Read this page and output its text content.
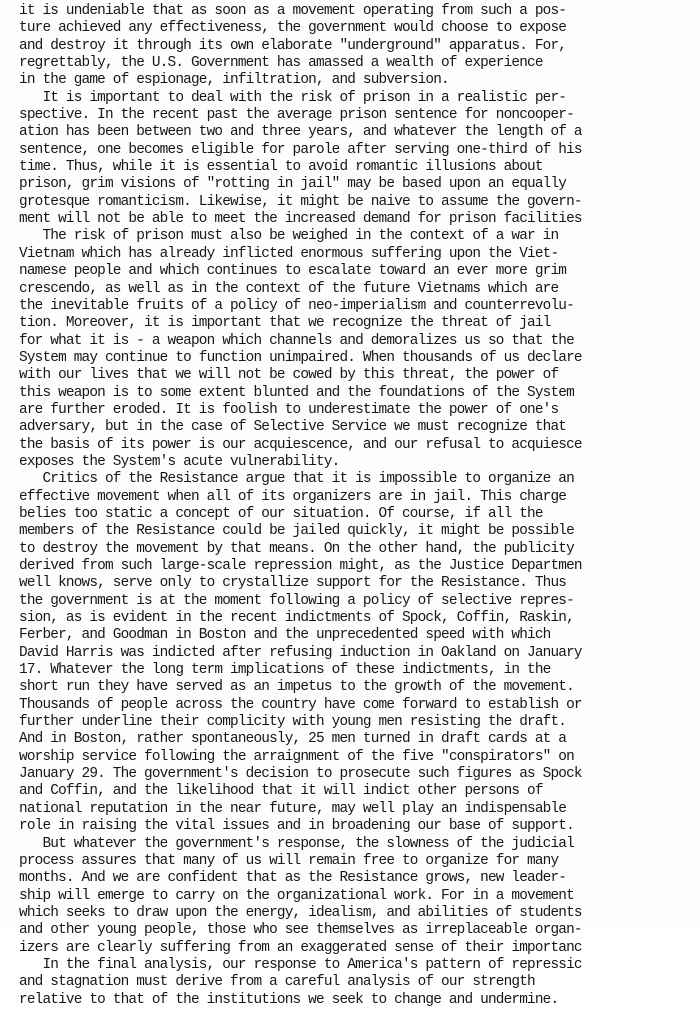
it is undeniable that as soon as a movement operating from such a pos-
ture achieved any effectiveness, the government would choose to expose
and destroy it through its own elaborate "underground" apparatus. For,
regrettably, the U.S. Government has amassed a wealth of experience
in the game of espionage, infiltration, and subversion.
It is important to deal with the risk of prison in a realistic per-
spective. In the recent past the average prison sentence for noncooper-
ation has been between two and three years, and whatever the length of a
sentence, one becomes eligible for parole after serving one-third of his
time. Thus, while it is essential to avoid romantic illusions about
prison, grim visions of "rotting in jail" may be based upon an equally
grotesque romanticism. Likewise, it might be naive to assume the govern-
ment will not be able to meet the increased demand for prison facilities
The risk of prison must also be weighed in the context of a war in
Vietnam which has already inflicted enormous suffering upon the Viet-
namese people and which continues to escalate toward an ever more grim
crescendo, as well as in the context of the future Vietnams which are
the inevitable fruits of a policy of neo-imperialism and counterrevolu-
tion. Moreover, it is important that we recognize the threat of jail
for what it is - a weapon which channels and demoralizes us so that the
System may continue to function unimpaired. When thousands of us declare
with our lives that we will not be cowed by this threat, the power of
this weapon is to some extent blunted and the foundations of the System
are further eroded. It is foolish to underestimate the power of one's
adversary, but in the case of Selective Service we must recognize that
the basis of its power is our acquiescence, and our refusal to acquiesce
exposes the System's acute vulnerability.
Critics of the Resistance argue that it is impossible to organize an
effective movement when all of its organizers are in jail. This charge
belies too static a concept of our situation. Of course, if all the
members of the Resistance could be jailed quickly, it might be possible
to destroy the movement by that means. On the other hand, the publicity
derived from such large-scale repression might, as the Justice Departmen
well knows, serve only to crystallize support for the Resistance. Thus
the government is at the moment following a policy of selective repres-
sion, as is evident in the recent indictments of Spock, Coffin, Raskin,
Ferber, and Goodman in Boston and the unprecedented speed with which
David Harris was indicted after refusing induction in Oakland on January
17. Whatever the long term implications of these indictments, in the
short run they have served as an impetus to the growth of the movement.
Thousands of people across the country have come forward to establish or
further underline their complicity with young men resisting the draft.
And in Boston, rather spontaneously, 25 men turned in draft cards at a
worship service following the arraignment of the five "conspirators" on
January 29. The government's decision to prosecute such figures as Spock
and Coffin, and the likelihood that it will indict other persons of
national reputation in the near future, may well play an indispensable
role in raising the vital issues and in broadening our base of support.
But whatever the government's response, the slowness of the judicial
process assures that many of us will remain free to organize for many
months. And we are confident that as the Resistance grows, new leader-
ship will emerge to carry on the organizational work. For in a movement
which seeks to draw upon the energy, idealism, and abilities of students
and other young people, those who see themselves as irreplaceable organ-
izers are clearly suffering from an exaggerated sense of their importanc
In the final analysis, our response to America's pattern of repressic
and stagnation must derive from a careful analysis of our strength
relative to that of the institutions we seek to change and undermine.
